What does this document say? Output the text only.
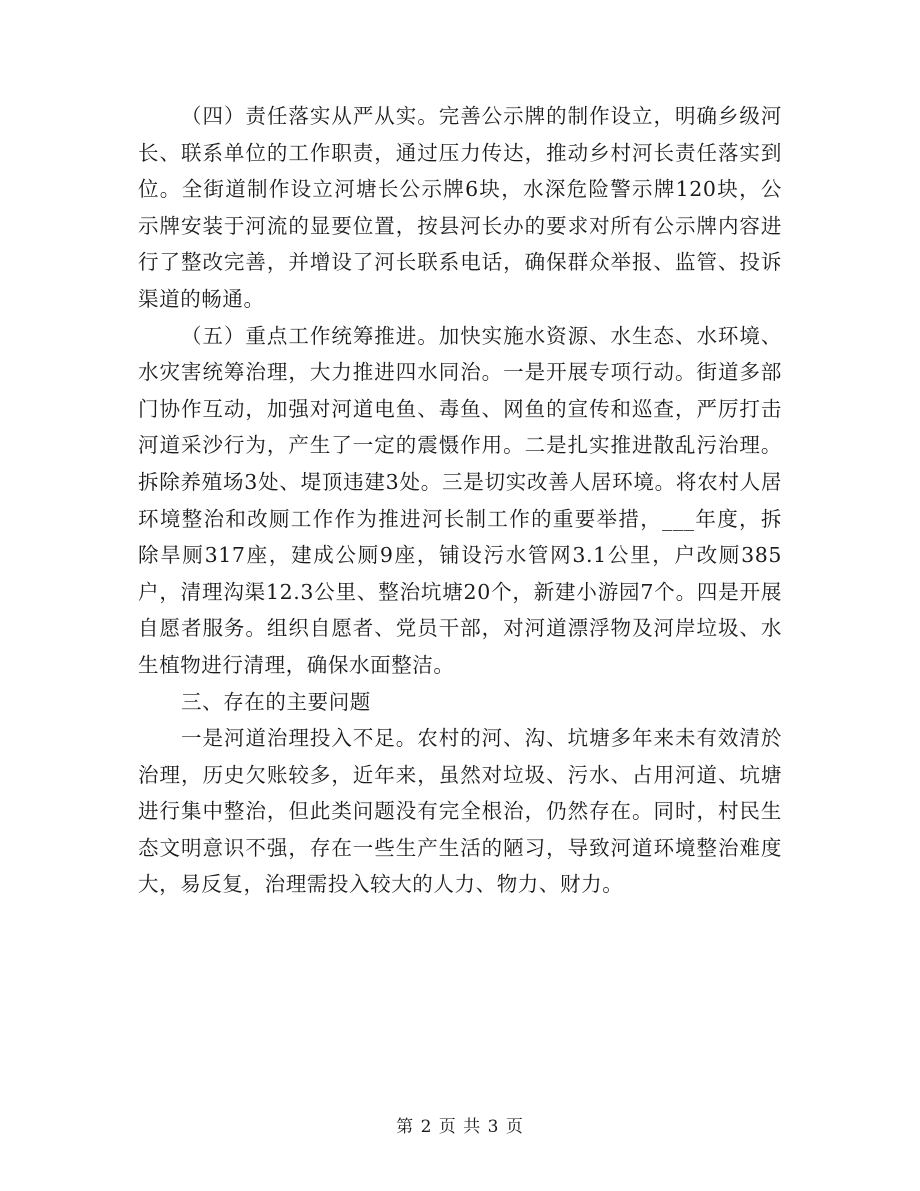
（四）责任落实从严从实。完善公示牌的制作设立，明确乡级河长、联系单位的工作职责，通过压力传达，推动乡村河长责任落实到位。全街道制作设立河塘长公示牌6块，水深危险警示牌120块，公示牌安装于河流的显要位置，按县河长办的要求对所有公示牌内容进行了整改完善，并增设了河长联系电话，确保群众举报、监管、投诉渠道的畅通。

（五）重点工作统筹推进。加快实施水资源、水生态、水环境、水灾害统筹治理，大力推进四水同治。一是开展专项行动。街道多部门协作互动，加强对河道电鱼、毒鱼、网鱼的宣传和巡查，严厉打击河道采沙行为，产生了一定的震慑作用。二是扎实推进散乱污治理。拆除养殖场3处、堤顶违建3处。三是切实改善人居环境。将农村人居环境整治和改厕工作作为推进河长制工作的重要举措，___年度，拆除旱厕317座，建成公厕9座，铺设污水管网3.1公里，户改厕385户，清理沟渠12.3公里、整治坑塘20个，新建小游园7个。四是开展自愿者服务。组织自愿者、党员干部，对河道漂浮物及河岸垃圾、水生植物进行清理，确保水面整洁。

三、存在的主要问题

一是河道治理投入不足。农村的河、沟、坑塘多年来未有效清於治理，历史欠账较多，近年来，虽然对垃圾、污水、占用河道、坑塘进行集中整治，但此类问题没有完全根治，仍然存在。同时，村民生态文明意识不强，存在一些生产生活的陋习，导致河道环境整治难度大，易反复，治理需投入较大的人力、物力、财力。

第 2 页 共 3 页
